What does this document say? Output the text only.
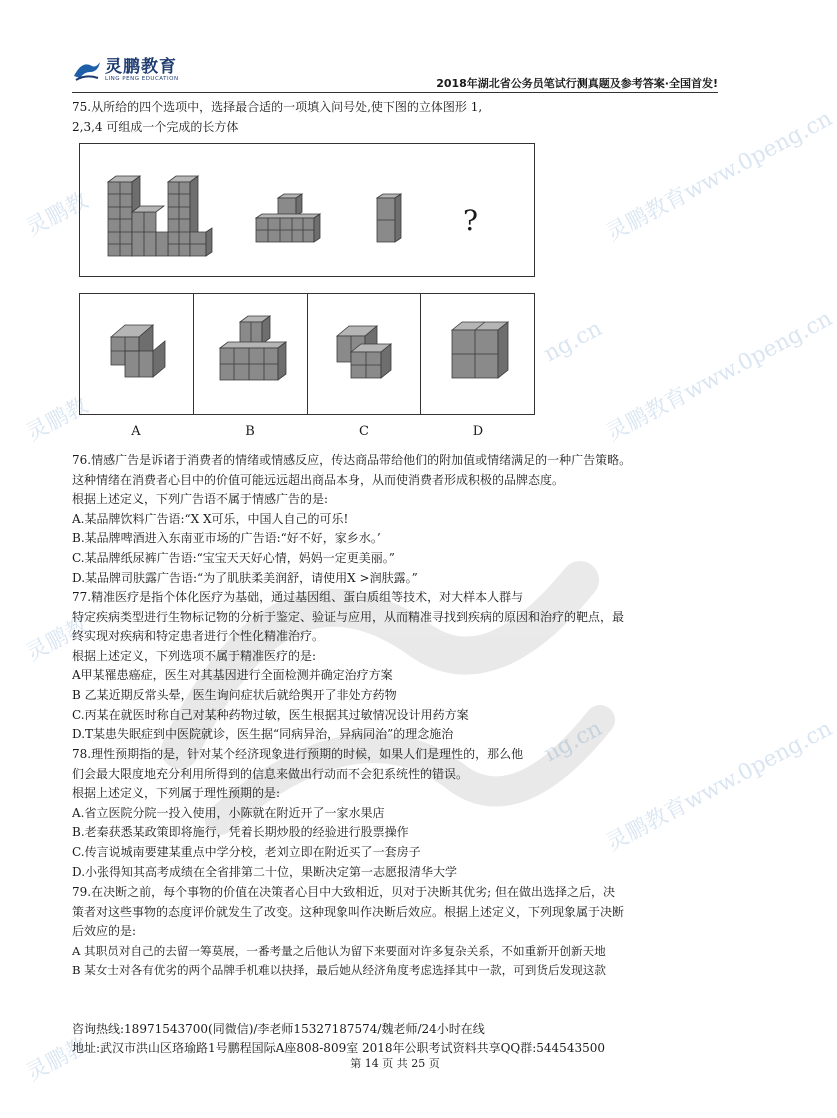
灵鹏教育www.0peng.cn
灵鹏教育www.0peng.cn
灵鹏教
灵鹏教
灵鹏教
灵鹏教
灵鹏教育www.0peng.cn
ng.cn
ng.cn
灵鹏教育
LING PENG EDUCATION	2018年湖北省公务员笔试行测真题及参考答案·全国首发!

75.从所给的四个选项中，选择最合适的一项填入问号处,使下图的立体图形 1,

2,3,4 可组成一个完成的长方体

?
A	B	C	D

76.情感广告是诉诸于消费者的情绪或情感反应，传达商品带给他们的附加值或情绪满足的一种广告策略。

这种情绪在消费者心目中的价值可能远远超出商品本身，从而使消费者形成积极的品牌态度。

根据上述定义，下列广告语不属于情感广告的是:

A.某品牌饮料广告语:“X X可乐，中国人自己的可乐!

B.某品牌啤酒进入东南亚市场的广告语:“好不好，家乡水。’

C.某品牌纸尿裤广告语:“宝宝天天好心情，妈妈一定更美丽。”

D.某品牌司肤露广告语:“为了肌肤柔美润舒，请使用X >润肤露。”

77.精准医疗是指个体化医疗为基础，通过基因组、蛋白质组等技术，对大样本人群与

特定疾病类型进行生物标记物的分析于鉴定、验证与应用，从而精准寻找到疾病的原因和治疗的靶点，最

终实现对疾病和特定患者进行个性化精准治疗。

根据上述定义，下列选项不属于精准医疗的是:

A甲某罹患癌症，医生对其基因进行全面检测并确定治疗方案

B 乙某近期反常头晕，医生询问症状后就给舆开了非处方药物

C.丙某在就医时称自己对某种药物过敏，医生根据其过敏情况设计用药方案

D.T某患失眠症到中医院就诊，医生据“同病异治，异病同治”的理念施治

78.理性预期指的是，针对某个经济现象进行预期的时候，如果人们是理性的，那么他

们会最大限度地充分利用所得到的信息来做出行动而不会犯系统性的错误。

根据上述定义，下列属于理性预期的是:

A.省立医院分院一投入使用，小陈就在附近开了一家水果店

B.老秦获悉某政策即将施行，凭着长期炒股的经验进行股票操作

C.传言说城南要建某重点中学分校，老刘立即在附近买了一套房子

D.小张得知其高考成绩在全省排第二十位，果断决定第一志愿报清华大学

79.在决断之前，每个事物的价值在决策者心目中大致相近，贝对于决断其优劣; 但在做出选择之后，决

策者对这些事物的态度评价就发生了改变。这种现象叫作决断后效应。根据上述定义，下列现象属于决断

后效应的是:

A 其职员对自己的去留一筹莫展，一番考量之后他认为留下来要面对许多复杂关系，不如重新开创新天地

B 某女士对各有优劣的两个品牌手机难以抉择，最后她从经济角度考虑选择其中一款，可到货后发现这款

咨询热线:18971543700(同微信)/李老师15327187574/魏老师/24小时在线

地址:武汉市洪山区珞瑜路1号鹏程国际A座808-809室 2018年公职考试资料共享QQ群:544543500

第 14 页 共 25 页
